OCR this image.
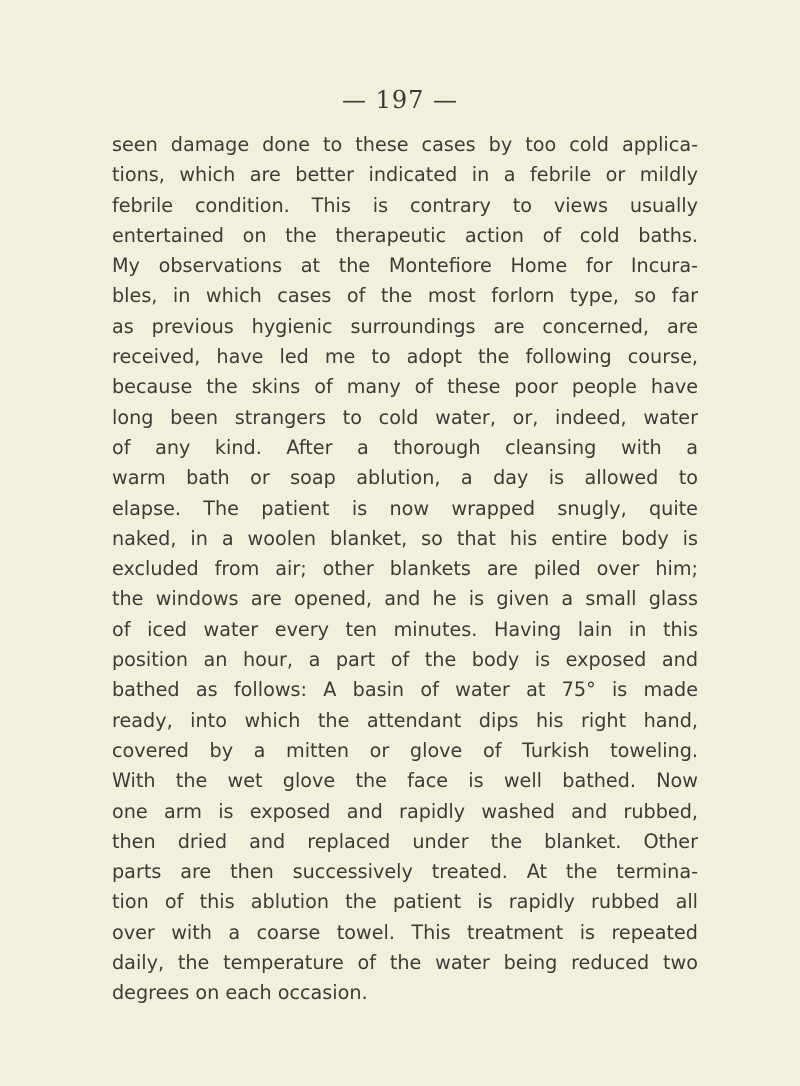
— 197 —
seen damage done to these cases by too cold applica-
tions, which are better indicated in a febrile or mildly
febrile condition. This is contrary to views usually
entertained on the therapeutic action of cold baths.
My observations at the Montefiore Home for Incura-
bles, in which cases of the most forlorn type, so far
as previous hygienic surroundings are concerned, are
received, have led me to adopt the following course,
because the skins of many of these poor people have
long been strangers to cold water, or, indeed, water
of any kind. After a thorough cleansing with a
warm bath or soap ablution, a day is allowed to
elapse. The patient is now wrapped snugly, quite
naked, in a woolen blanket, so that his entire body is
excluded from air; other blankets are piled over him;
the windows are opened, and he is given a small glass
of iced water every ten minutes. Having lain in this
position an hour, a part of the body is exposed and
bathed as follows: A basin of water at 75° is made
ready, into which the attendant dips his right hand,
covered by a mitten or glove of Turkish toweling.
With the wet glove the face is well bathed. Now
one arm is exposed and rapidly washed and rubbed,
then dried and replaced under the blanket. Other
parts are then successively treated. At the termina-
tion of this ablution the patient is rapidly rubbed all
over with a coarse towel. This treatment is repeated
daily, the temperature of the water being reduced two
degrees on each occasion.
